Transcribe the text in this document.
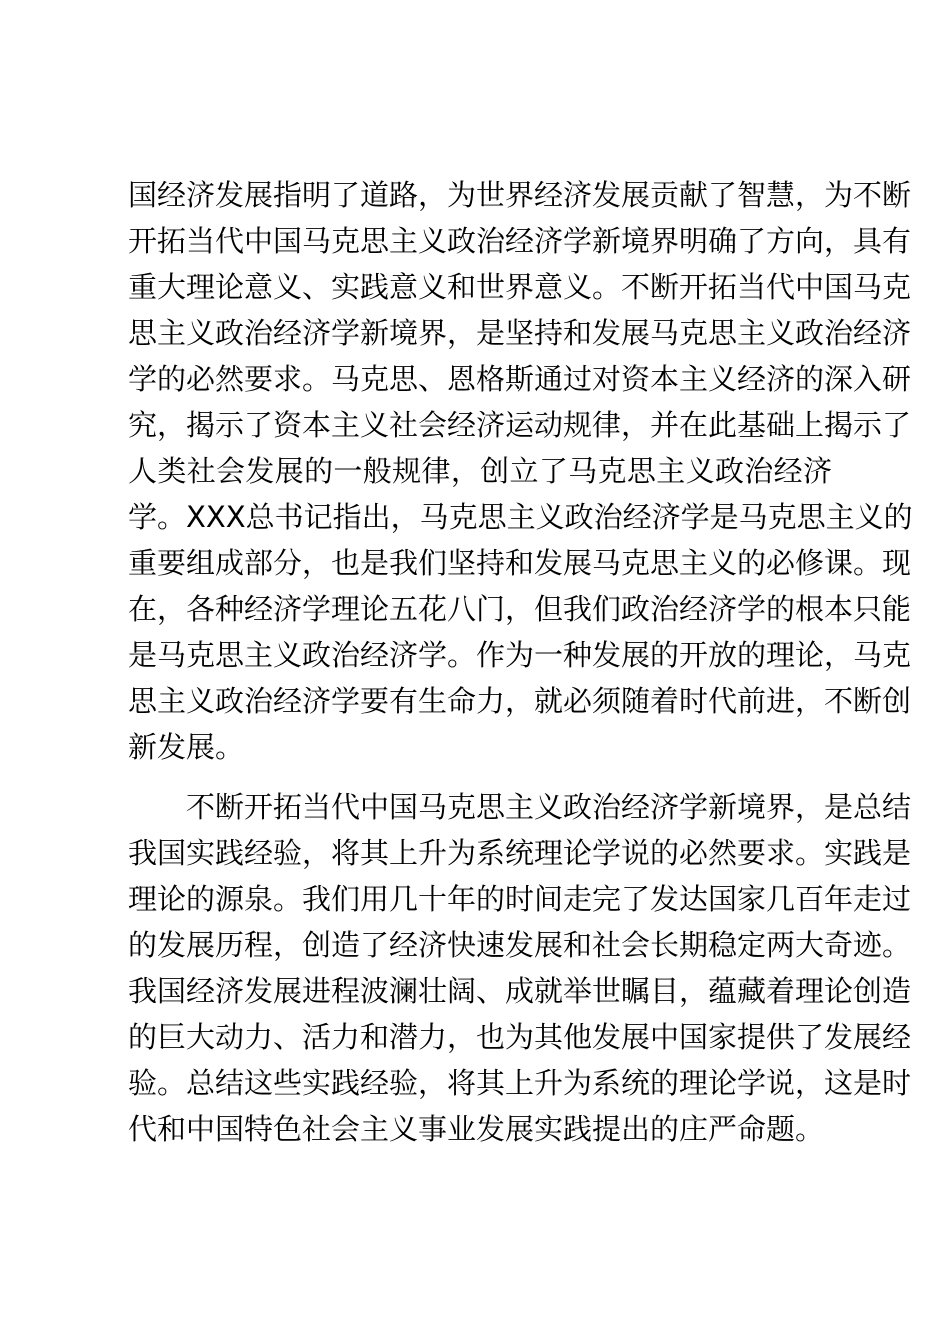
国经济发展指明了道路，为世界经济发展贡献了智慧，为不断
开拓当代中国马克思主义政治经济学新境界明确了方向，具有
重大理论意义、实践意义和世界意义。不断开拓当代中国马克
思主义政治经济学新境界，是坚持和发展马克思主义政治经济
学的必然要求。马克思、恩格斯通过对资本主义经济的深入研
究，揭示了资本主义社会经济运动规律，并在此基础上揭示了
人类社会发展的一般规律，创立了马克思主义政治经济
学。XXX总书记指出，马克思主义政治经济学是马克思主义的
重要组成部分，也是我们坚持和发展马克思主义的必修课。现
在，各种经济学理论五花八门，但我们政治经济学的根本只能
是马克思主义政治经济学。作为一种发展的开放的理论，马克
思主义政治经济学要有生命力，就必须随着时代前进，不断创
新发展。
　　不断开拓当代中国马克思主义政治经济学新境界，是总结
我国实践经验，将其上升为系统理论学说的必然要求。实践是
理论的源泉。我们用几十年的时间走完了发达国家几百年走过
的发展历程，创造了经济快速发展和社会长期稳定两大奇迹。
我国经济发展进程波澜壮阔、成就举世瞩目，蕴藏着理论创造
的巨大动力、活力和潜力，也为其他发展中国家提供了发展经
验。总结这些实践经验，将其上升为系统的理论学说，这是时
代和中国特色社会主义事业发展实践提出的庄严命题。
